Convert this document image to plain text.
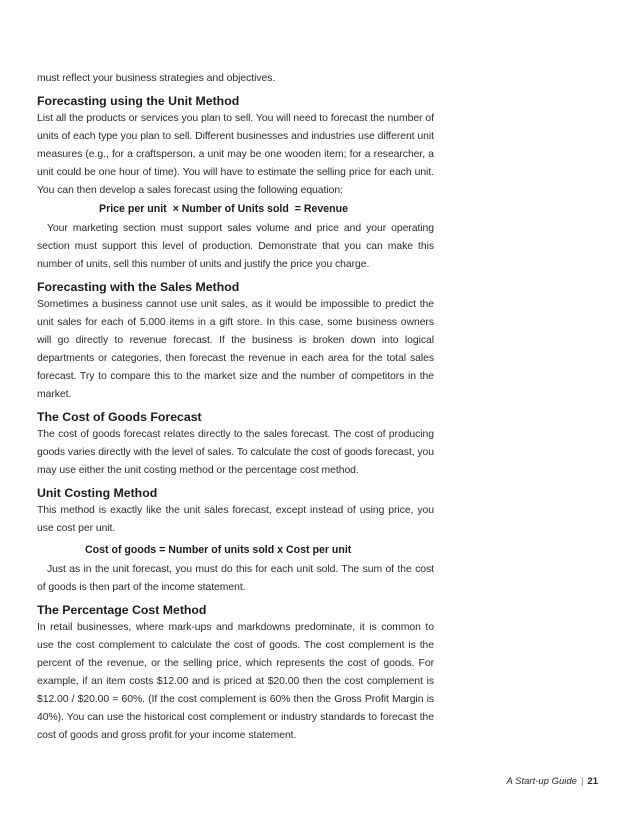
must reflect your business strategies and objectives.

Forecasting using the Unit Method

List all the products or services you plan to sell. You will need to forecast the number of units of each type you plan to sell. Different businesses and industries use different unit measures (e.g., for a craftsperson, a unit may be one wooden item; for a researcher, a unit could be one hour of time). You will have to estimate the selling price for each unit. You can then develop a sales forecast using the following equation:

Price per unit  × Number of Units sold  = Revenue

Your marketing section must support sales volume and price and your operating section must support this level of production. Demonstrate that you can make this number of units, sell this number of units and justify the price you charge.

Forecasting with the Sales Method

Sometimes a business cannot use unit sales, as it would be impossible to predict the unit sales for each of 5,000 items in a gift store. In this case, some business owners will go directly to revenue forecast. If the business is broken down into logical departments or categories, then forecast the revenue in each area for the total sales forecast. Try to compare this to the market size and the number of competitors in the market.

The Cost of Goods Forecast

The cost of goods forecast relates directly to the sales forecast. The cost of producing goods varies directly with the level of sales. To calculate the cost of goods forecast, you may use either the unit costing method or the percentage cost method.

Unit Costing Method

This method is exactly like the unit sales forecast, except instead of using price, you use cost per unit.

Cost of goods = Number of units sold x Cost per unit

Just as in the unit forecast, you must do this for each unit sold. The sum of the cost of goods is then part of the income statement.

The Percentage Cost Method

In retail businesses, where mark-ups and markdowns predominate, it is common to use the cost complement to calculate the cost of goods. The cost complement is the percent of the revenue, or the selling price, which represents the cost of goods. For example, if an item costs $12.00 and is priced at $20.00 then the cost complement is $12.00 / $20.00 = 60%. (If the cost complement is 60% then the Gross Profit Margin is 40%). You can use the historical cost complement or industry standards to forecast the cost of goods and gross profit for your income statement.

A Start-up Guide | 21
